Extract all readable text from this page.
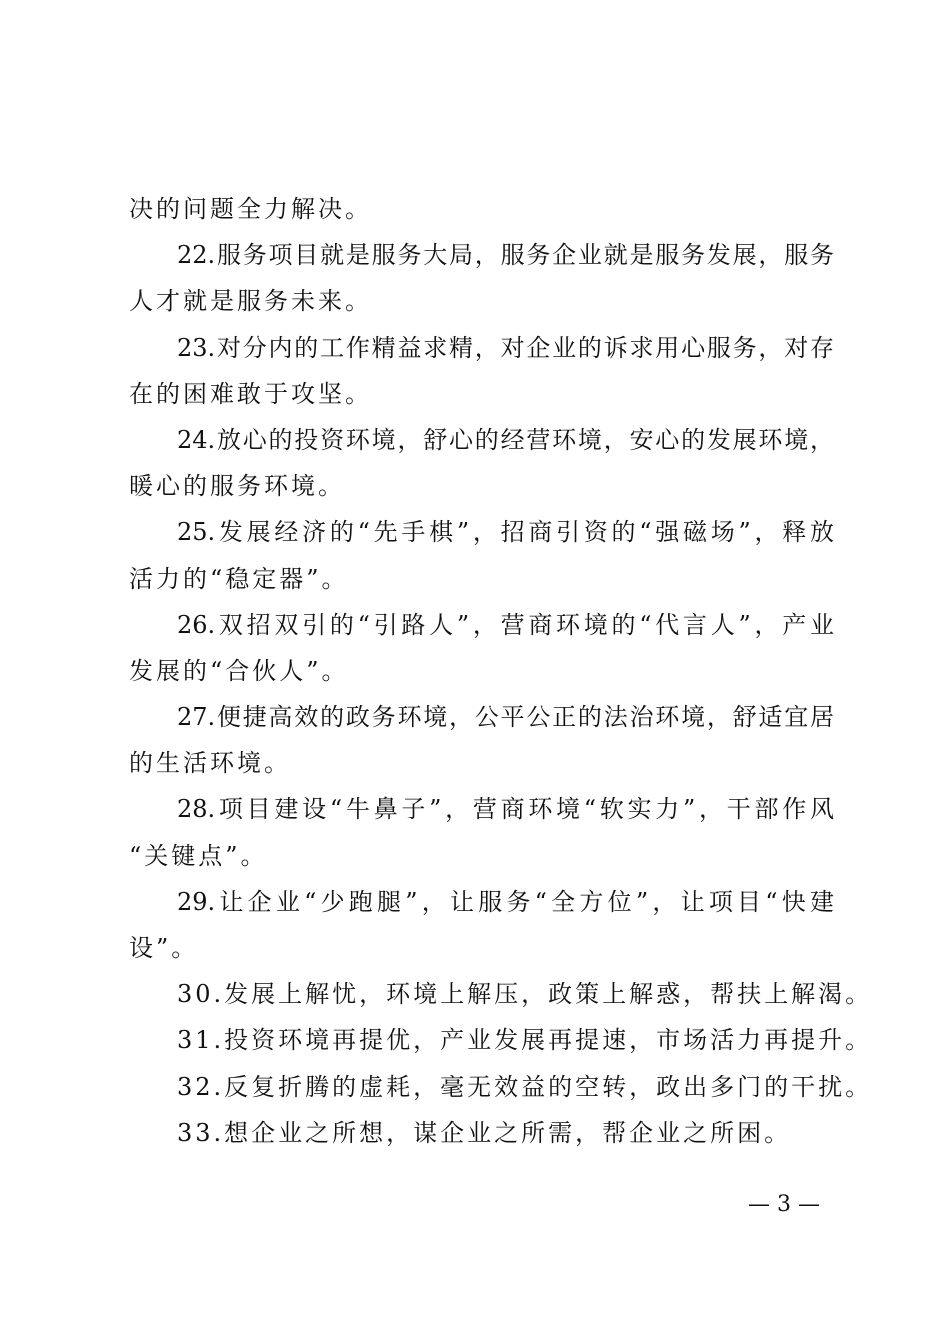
决的问题全力解决。
22.服务项目就是服务大局，服务企业就是服务发展，服务
人才就是服务未来。
23.对分内的工作精益求精，对企业的诉求用心服务，对存
在的困难敢于攻坚。
24.放心的投资环境，舒心的经营环境，安心的发展环境，
暖心的服务环境。
25.发展经济的“先手棋”，招商引资的“强磁场”，释放
活力的“稳定器”。
26.双招双引的“引路人”，营商环境的“代言人”，产业
发展的“合伙人”。
27.便捷高效的政务环境，公平公正的法治环境，舒适宜居
的生活环境。
28.项目建设“牛鼻子”，营商环境“软实力”，干部作风
“关键点”。
29.让企业“少跑腿”，让服务“全方位”，让项目“快建
设”。
30.发展上解忧，环境上解压，政策上解惑，帮扶上解渴。
31.投资环境再提优，产业发展再提速，市场活力再提升。
32.反复折腾的虚耗，毫无效益的空转，政出多门的干扰。
33.想企业之所想，谋企业之所需，帮企业之所困。
— 3 —
